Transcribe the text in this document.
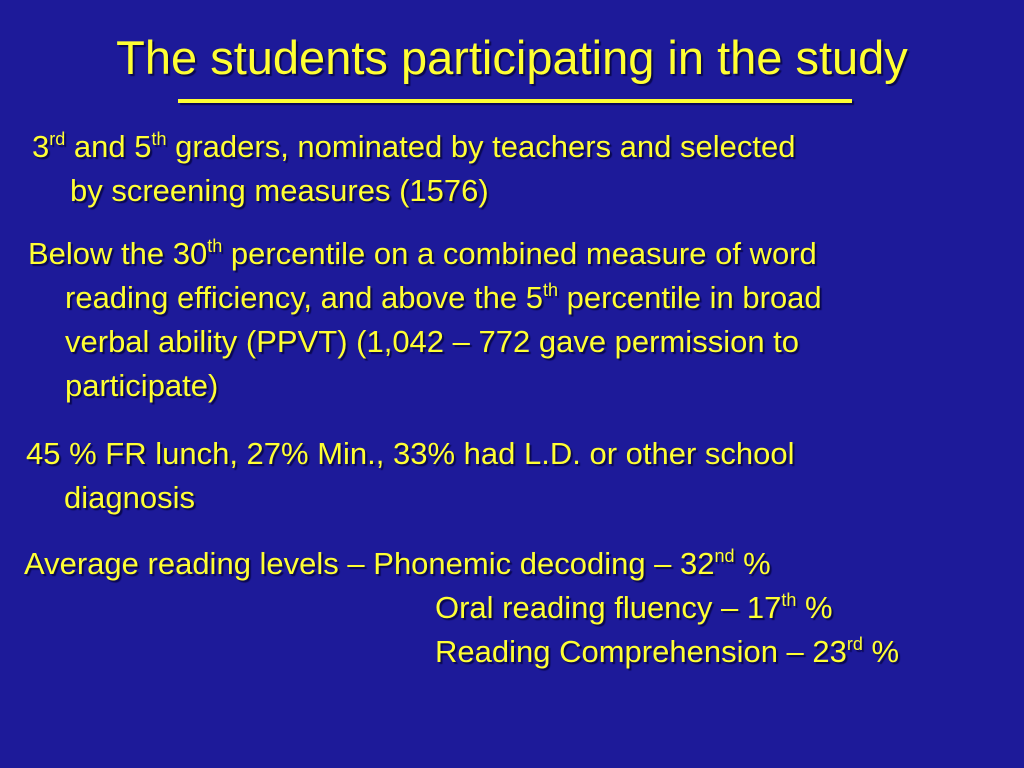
The students participating in the study
3rd and 5th graders, nominated by teachers and selected
by screening measures (1576)
Below the 30th percentile on a combined measure of word
reading efficiency, and above the 5th percentile in broad
verbal ability (PPVT) (1,042 – 772 gave permission to
participate)
45 % FR lunch, 27% Min., 33% had L.D. or other school
diagnosis
Average reading levels – Phonemic decoding – 32nd %
Oral reading fluency – 17th %
Reading Comprehension – 23rd %
